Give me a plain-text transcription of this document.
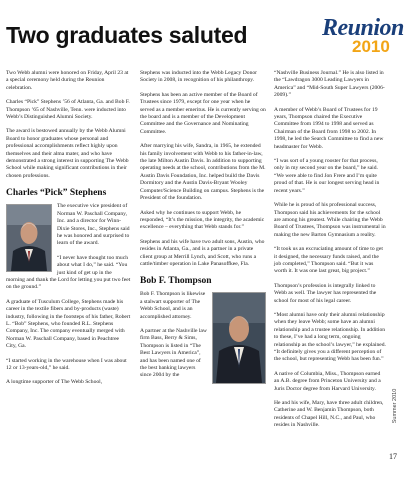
Two graduates saluted	Reunion
2010

Two Webb alumni were honored on Friday, April 23 at a special ceremony held during the Reunion celebration.

Charles “Pick” Stephens ’56 of Atlanta, Ga. and Bob F. Thompson ’65 of Nashville, Tenn. were inducted into Webb’s Distinguished Alumni Society.

The award is bestowed annually by the Webb Alumni Board to honor graduates whose personal and professional accomplishments reflect highly upon themselves and their alma mater, and who have demonstrated a strong interest in supporting The Webb School while making significant contributions in their chosen professions.

Charles “Pick” Stephens

The executive vice president of Norman W. Paschall Company, Inc. and a director for Winn-Dixie Stores, Inc., Stephens said he was honored and surprised to learn of the award.

“I never have thought too much about what I do,” he said. “You just kind of get up in the morning and thank the Lord for letting you put two feet on the ground.”

A graduate of Tusculum College, Stephens made his career in the textile fibers and by-products (waste) industry, following in the footsteps of his father, Robert L. “Bob” Stephens, who founded R.L. Stephens Company, Inc. The company eventually merged with Norman W. Paschall Company, based in Peachtree City, Ga.

“I started working in the warehouse when I was about 12 or 13-years-old,” he said.

A longtime supporter of The Webb School,

Stephens was inducted into the Webb Legacy Donor Society in 2008, in recognition of his philanthropy.

Stephens has been an active member of the Board of Trustees since 1979, except for one year when he served as a member emeritus. He is currently serving on the board and is a member of the Development Committee and the Governance and Nominating Committee.

After marrying his wife, Sandra, in 1965, he extended his family involvement with Webb to his father-in-law, the late Milton Austin Davis. In addition to supporting operating needs at the school, contributions from the M. Austin Davis Foundation, Inc. helped build the Davis Dormitory and the Austin Davis-Bryant Wooley Computer/Science Building on campus. Stephens is the President of the foundation.

Asked why he continues to support Webb, he responded, “It’s the mission, the integrity, the academic excellence – everything that Webb stands for.”

Stephens and his wife have two adult sons, Austin, who resides in Atlanta, Ga., and is a partner in a private client group at Merrill Lynch, and Scott, who runs a cattle/timber operation in Lake Panasoffkee, Fla.

Bob F. Thompson

Bob F. Thompson is likewise a stalwart supporter of The Webb School, and is an accomplished attorney.

A partner at the Nashville law firm Bass, Berry & Sims, Thompson is listed in “The Best Lawyers in America”, and has been named one of the best banking lawyers since 2004 by the

“Nashville Business Journal.” He is also listed in the “Lawdragon 3000 Leading Lawyers in America” and “Mid-South Super Lawyers (2006-2009).”

A member of Webb’s Board of Trustees for 19 years, Thompson chaired the Executive Committee from 1994 to 1998 and served as Chairman of the Board from 1998 to 2002. In 1998, he led the Search Committee to find a new headmaster for Webb.

“I was sort of a young rooster for that process, only in my second year on the board,” he said. “We were able to find Jon Frere and I’m quite proud of that. He is our longest serving head in recent years.”

While he is proud of his professional success, Thompson said his achievements for the school are among his greatest. While chairing the Webb Board of Trustees, Thompson was instrumental in making the new Barton Gymnasium a reality.

“It took us an excruciating amount of time to get it designed, the necessary funds raised, and the job completed,” Thompson said. “But it was worth it. It was one last great, big project.”

Thompson’s profession is integrally linked to Webb as well. The lawyer has represented the school for most of his legal career.

“Most alumni have only their alumni relationship when they leave Webb; some have an alumni relationship and a trustee relationship. In addition to these, I’ve had a long term, ongoing relationship as the school’s lawyer,” he explained. “It definitely gives you a different perception of the school, but representing Webb has been fun.”

A native of Columbia, Miss., Thompson earned an A.B. degree from Princeton University and a Juris Doctor degree from Harvard University.

He and his wife, Mary, have three adult children, Catherine and W. Benjamin Thompson, both residents of Chapel Hill, N.C., and Paul, who resides in Nashville.

Summer 2010
17
